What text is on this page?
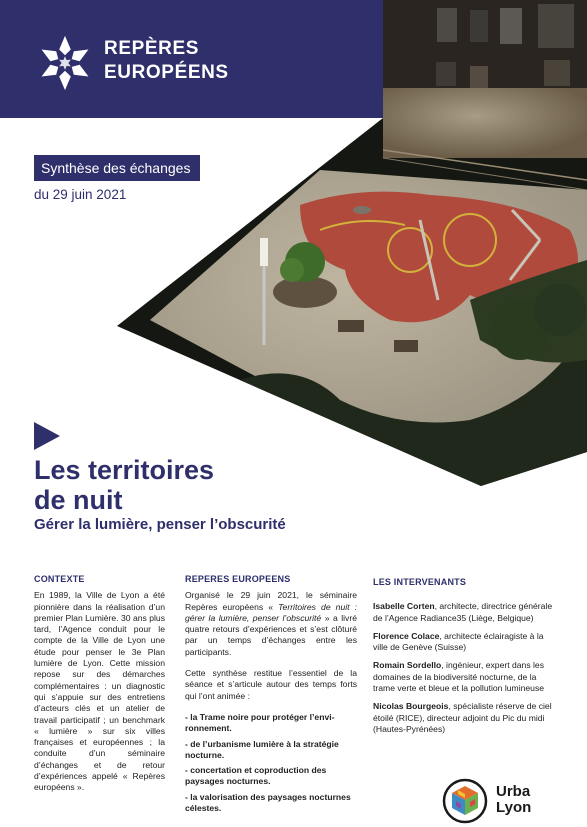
REPÈRES
EUROPÉENS
Synthèse des échanges
du 29 juin 2021
Les territoires
de nuit
Gérer la lumière, penser l’obscurité
CONTEXTE

En 1989, la Ville de Lyon a été pionnière dans la réalisation d’un premier Plan Lumière. 30 ans plus tard, l’Agence conduit pour le compte de la Ville de Lyon une étude pour penser le 3e Plan lumière de Lyon. Cette mission repose sur des démarches complémentaires : un diagnostic qui s’appuie sur des entretiens d’acteurs clés et un atelier de travail participatif ; un benchmark « lumière » sur six villes françaises et européennes ; la conduite d’un séminaire d’échanges et de retour d’expériences appelé « Repères européens ».

REPERES EUROPEENS

Organisé le 29 juin 2021, le séminaire Repères européens « Territoires de nuit : gérer la lumière, penser l’obscurité » a livré quatre retours d’expériences et s’est clôturé par un temps d’échanges entre les participants.

Cette synthèse restitue l’essentiel de la séance et s’articule autour des temps forts qui l’ont animée :

- la Trame noire pour protéger l’environnement.
- de l’urbanisme lumière à la stratégie nocturne.
- concertation et coproduction des paysages nocturnes.
- la valorisation des paysages nocturnes célestes.
LES INTERVENANTS

Isabelle Corten, architecte, directrice générale de l’Agence Radiance35 (Liège, Belgique)

Florence Colace, architecte éclairagiste à la ville de Genève (Suisse)

Romain Sordello, ingénieur, expert dans les domaines de la biodiversité nocturne, de la trame verte et bleue et la pollution lumineuse

Nicolas Bourgeois, spécialiste réserve de ciel étoilé (RICE), directeur adjoint du Pic du midi (Hautes-Pyrénées)

Urba
Lyon
